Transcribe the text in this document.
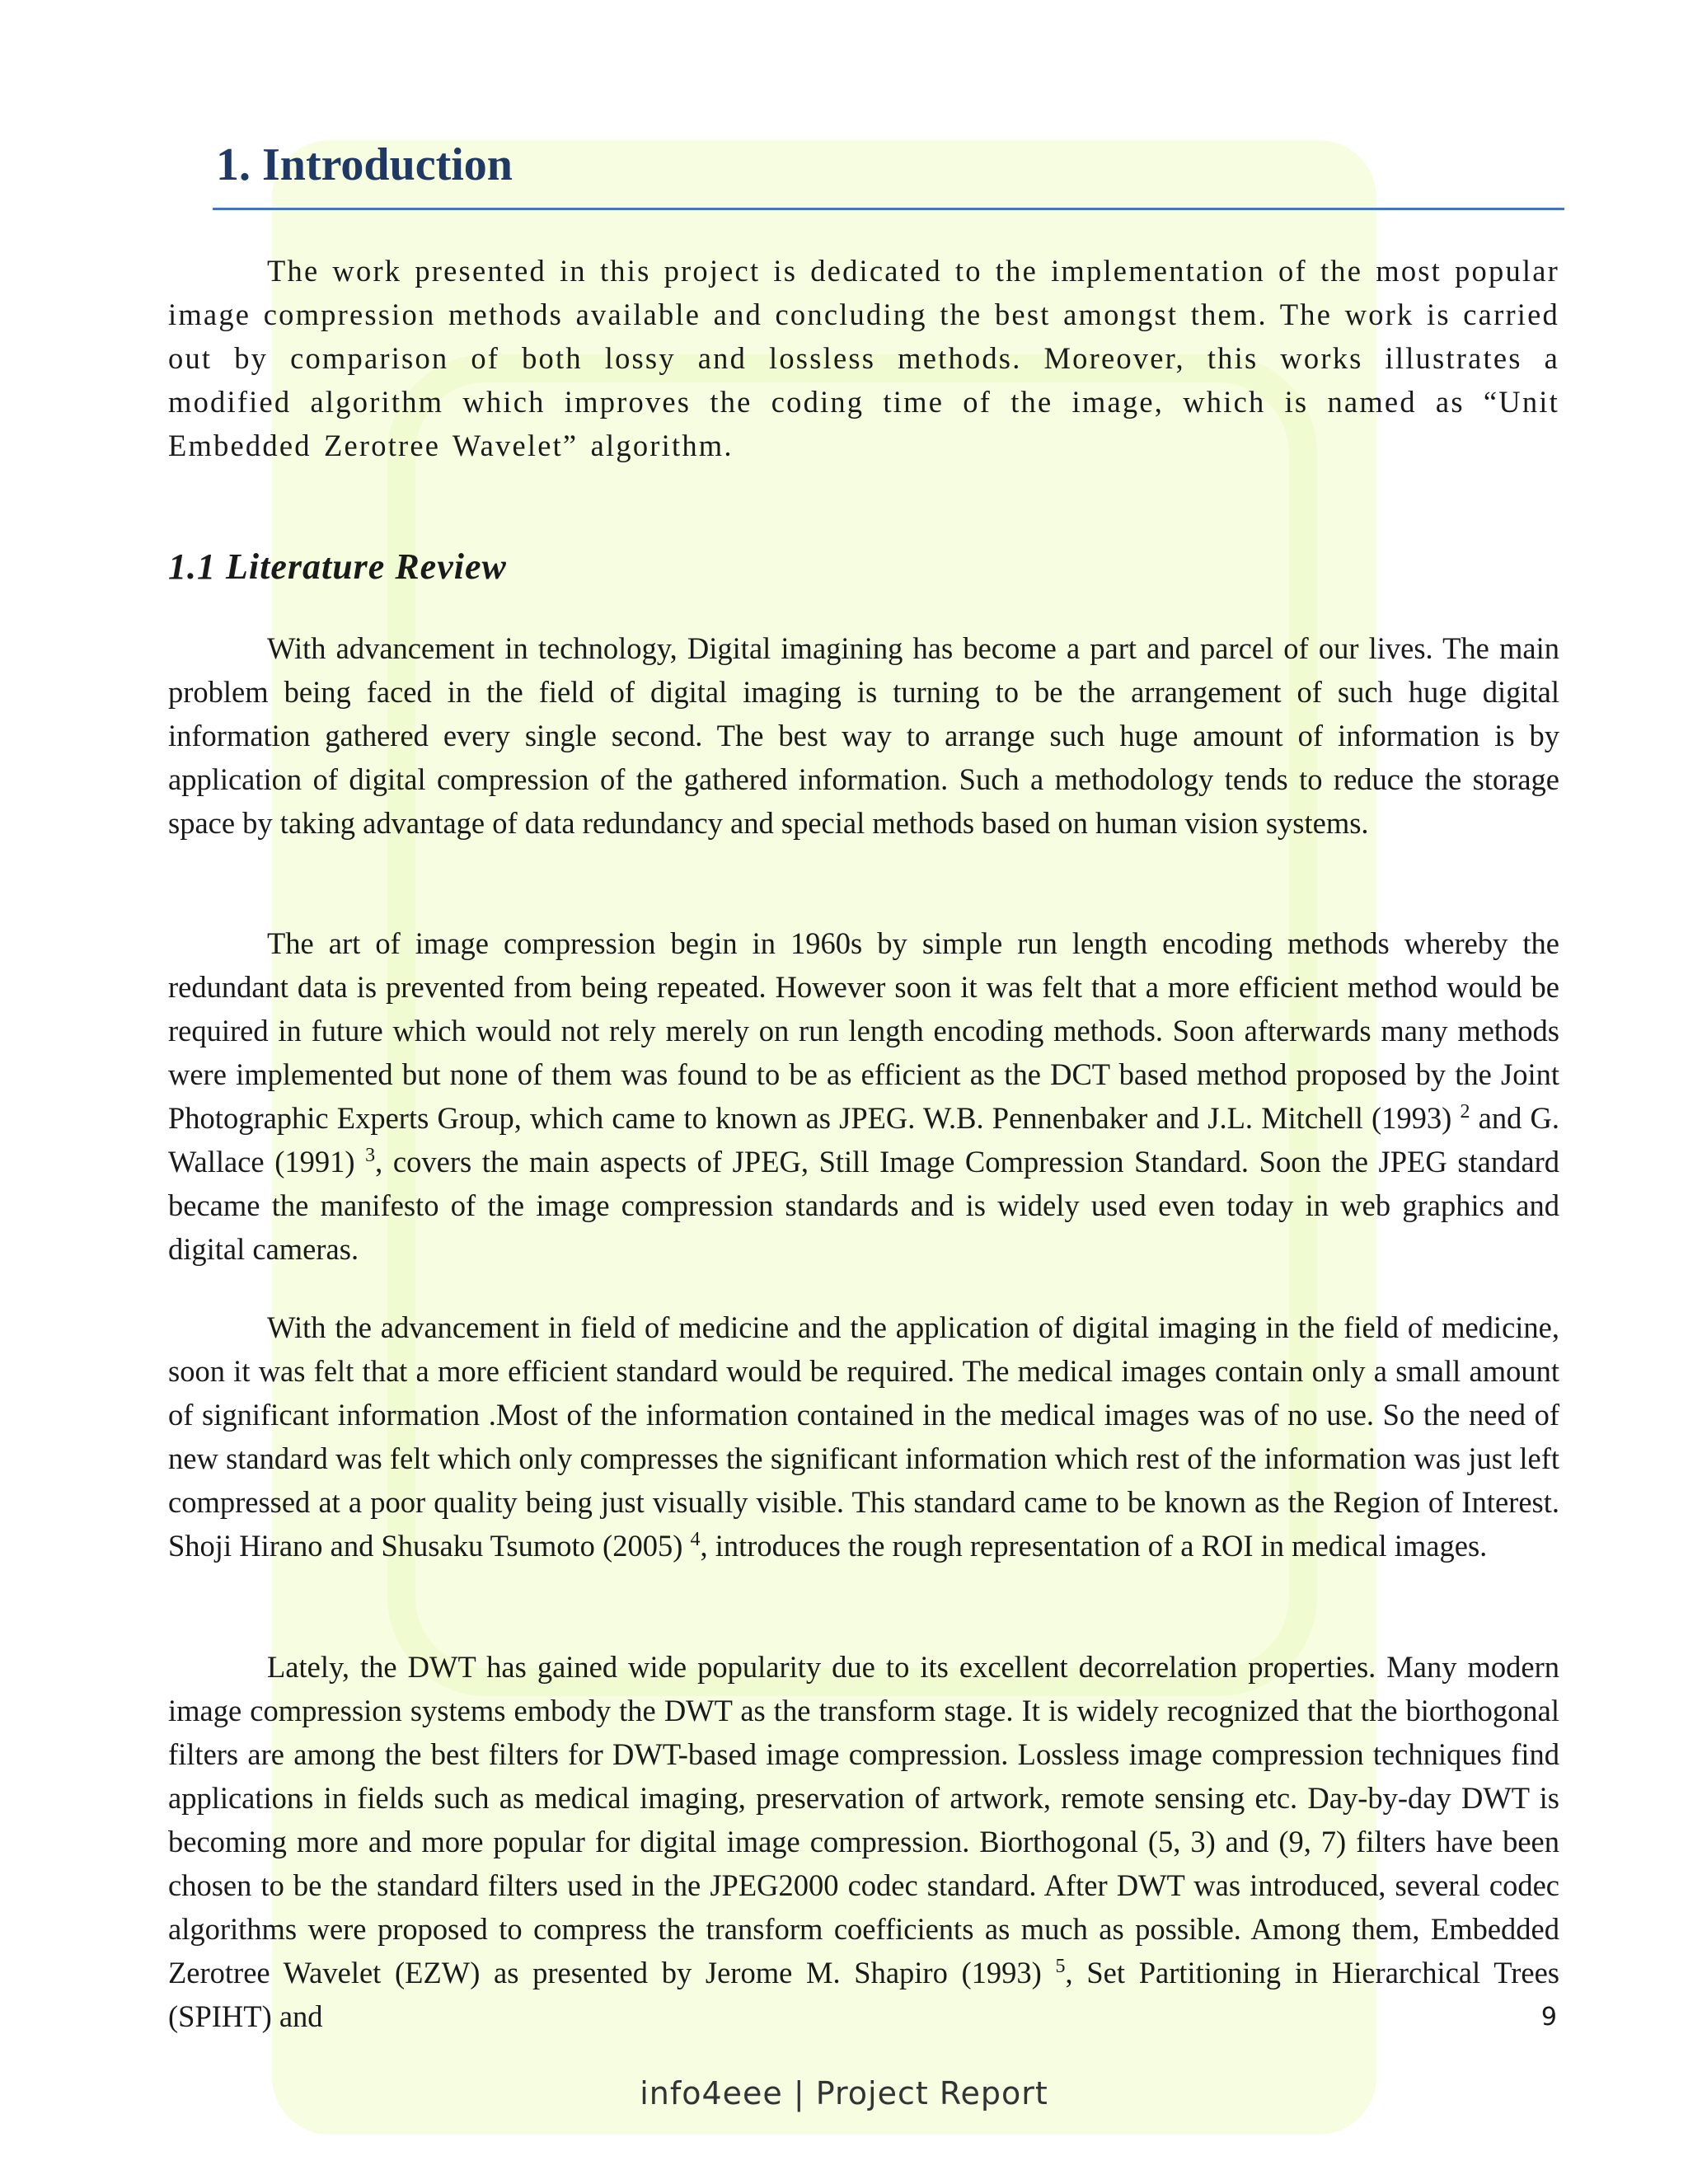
1. Introduction

The work presented in this project is dedicated to the implementation of the most popular image compression methods available and concluding the best amongst them. The work is carried out by comparison of both lossy and lossless methods. Moreover, this works illustrates a modified algorithm which improves the coding time of the image, which is named as “Unit Embedded Zerotree Wavelet” algorithm.

1.1 Literature Review

With advancement in technology, Digital imagining has become a part and parcel of our lives. The main problem being faced in the field of digital imaging is turning to be the arrangement of such huge digital information gathered every single second. The best way to arrange such huge amount of information is by application of digital compression of the gathered information. Such a methodology tends to reduce the storage space by taking advantage of data redundancy and special methods based on human vision systems.

The art of image compression begin in 1960s by simple run length encoding methods whereby the redundant data is prevented from being repeated. However soon it was felt that a more efficient method would be required in future which would not rely merely on run length encoding methods. Soon afterwards many methods were implemented but none of them was found to be as efficient as the DCT based method proposed by the Joint Photographic Experts Group, which came to known as JPEG. W.B. Pennenbaker and J.L. Mitchell (1993) $^2$ and G. Wallace (1991) $^3$, covers the main aspects of JPEG, Still Image Compression Standard. Soon the JPEG standard became the manifesto of the image compression standards and is widely used even today in web graphics and digital cameras.

With the advancement in field of medicine and the application of digital imaging in the field of medicine, soon it was felt that a more efficient standard would be required. The medical images contain only a small amount of significant information .Most of the information contained in the medical images was of no use. So the need of new standard was felt which only compresses the significant information which rest of the information was just left compressed at a poor quality being just visually visible. This standard came to be known as the Region of Interest. Shoji Hirano and Shusaku Tsumoto (2005) $^4$, introduces the rough representation of a ROI in medical images.

Lately, the DWT has gained wide popularity due to its excellent decorrelation properties. Many modern image compression systems embody the DWT as the transform stage. It is widely recognized that the biorthogonal filters are among the best filters for DWT-based image compression. Lossless image compression techniques find applications in fields such as medical imaging, preservation of artwork, remote sensing etc. Day-by-day DWT is becoming more and more popular for digital image compression. Biorthogonal (5, 3) and (9, 7) filters have been chosen to be the standard filters used in the JPEG2000 codec standard. After DWT was introduced, several codec algorithms were proposed to compress the transform coefficients as much as possible. Among them, Embedded Zerotree Wavelet (EZW) as presented by Jerome M. Shapiro (1993) $^5$, Set Partitioning in Hierarchical Trees (SPIHT) and	9
info4eee | Project Report
